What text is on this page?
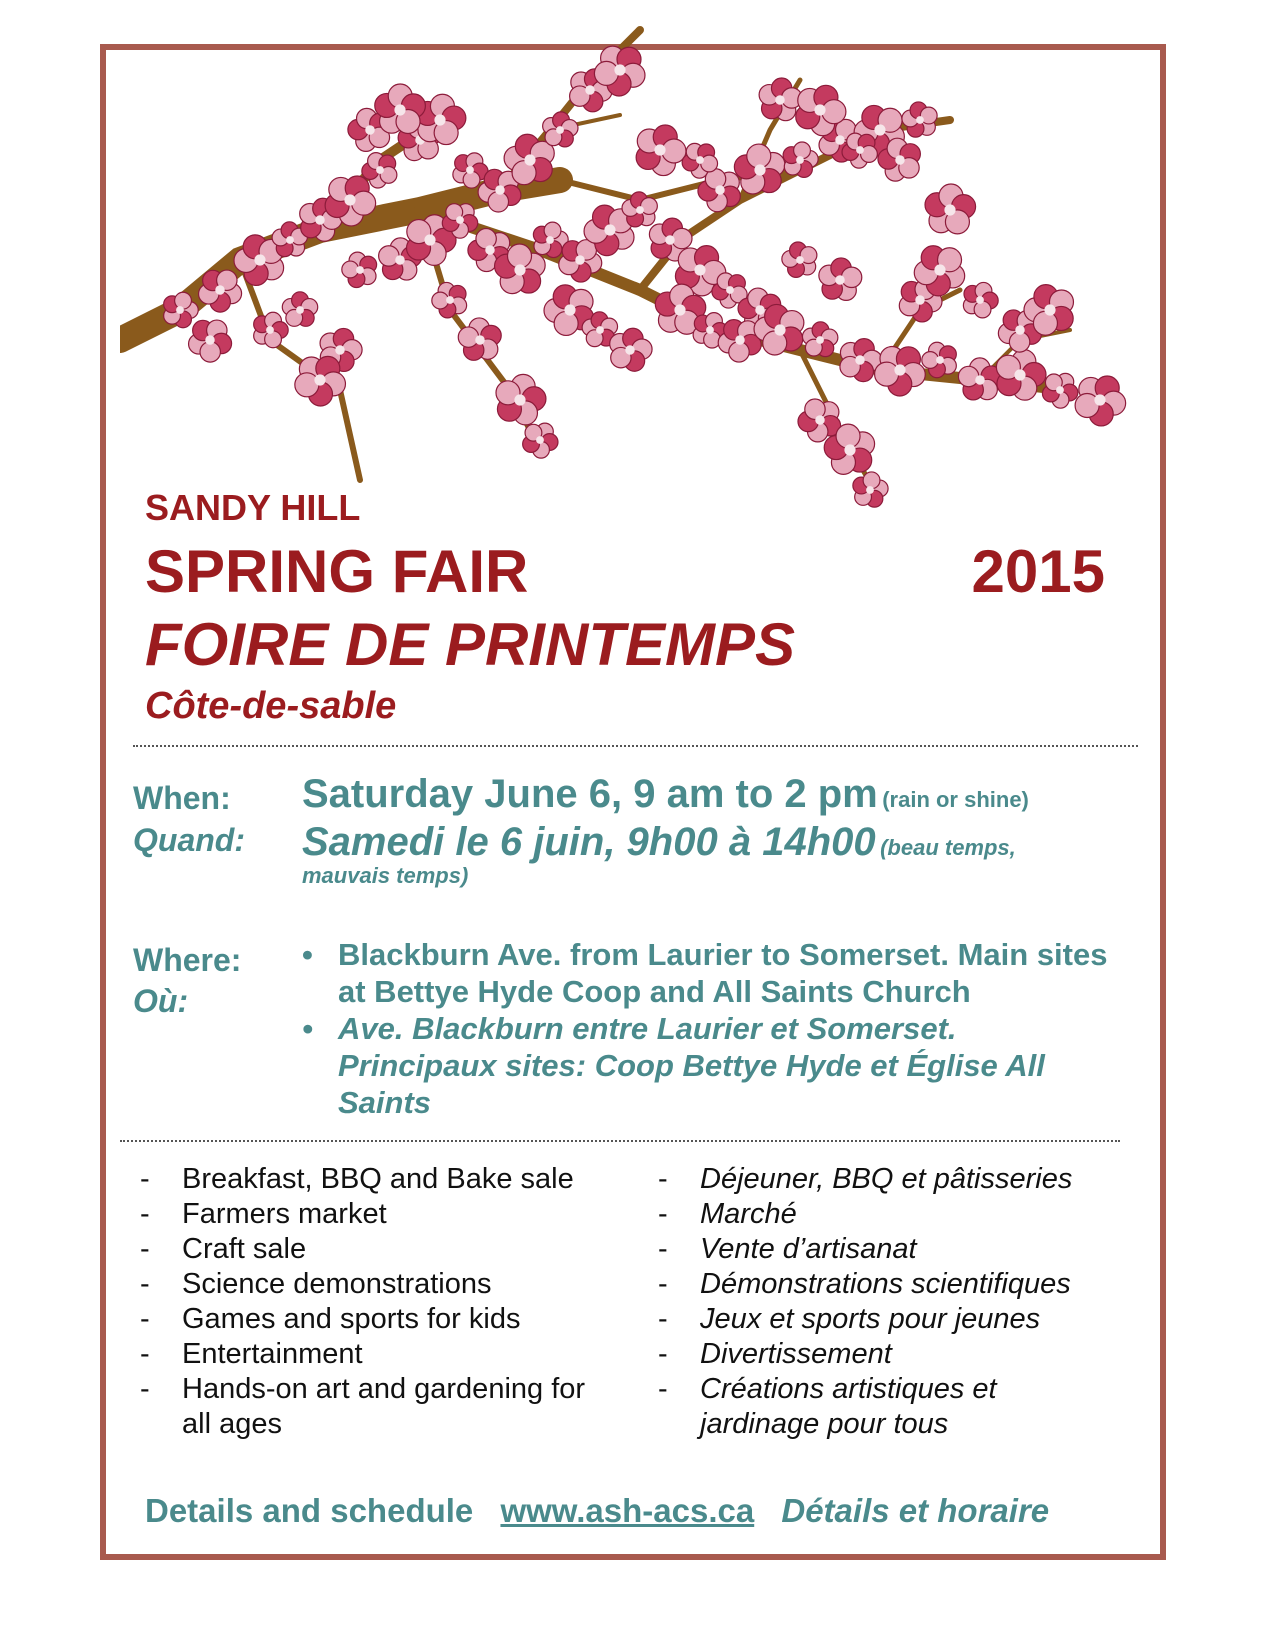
SANDY HILL
SPRING FAIR	2015
FOIRE DE PRINTEMPS
Côte-de-sable
When:
Quand:
Saturday June 6, 9 am to 2 pm (rain or shine)
Samedi le 6 juin, 9h00 à 14h00 (beau temps,
mauvais temps)
Where:
Où:
• Blackburn Ave. from Laurier to Somerset. Main sites at Bettye Hyde Coop and All Saints Church
• Ave. Blackburn entre Laurier et Somerset. Principaux sites: Coop Bettye Hyde et Église All Saints
- Breakfast, BBQ and Bake sale
- Farmers market
- Craft sale
- Science demonstrations
- Games and sports for kids
- Entertainment
- Hands-on art and gardening for all ages
- Déjeuner, BBQ et pâtisseries
- Marché
- Vente d’artisanat
- Démonstrations scientifiques
- Jeux et sports pour jeunes
- Divertissement
- Créations artistiques et jardinage pour tous
Details and schedule www.ash-acs.ca Détails et horaire
